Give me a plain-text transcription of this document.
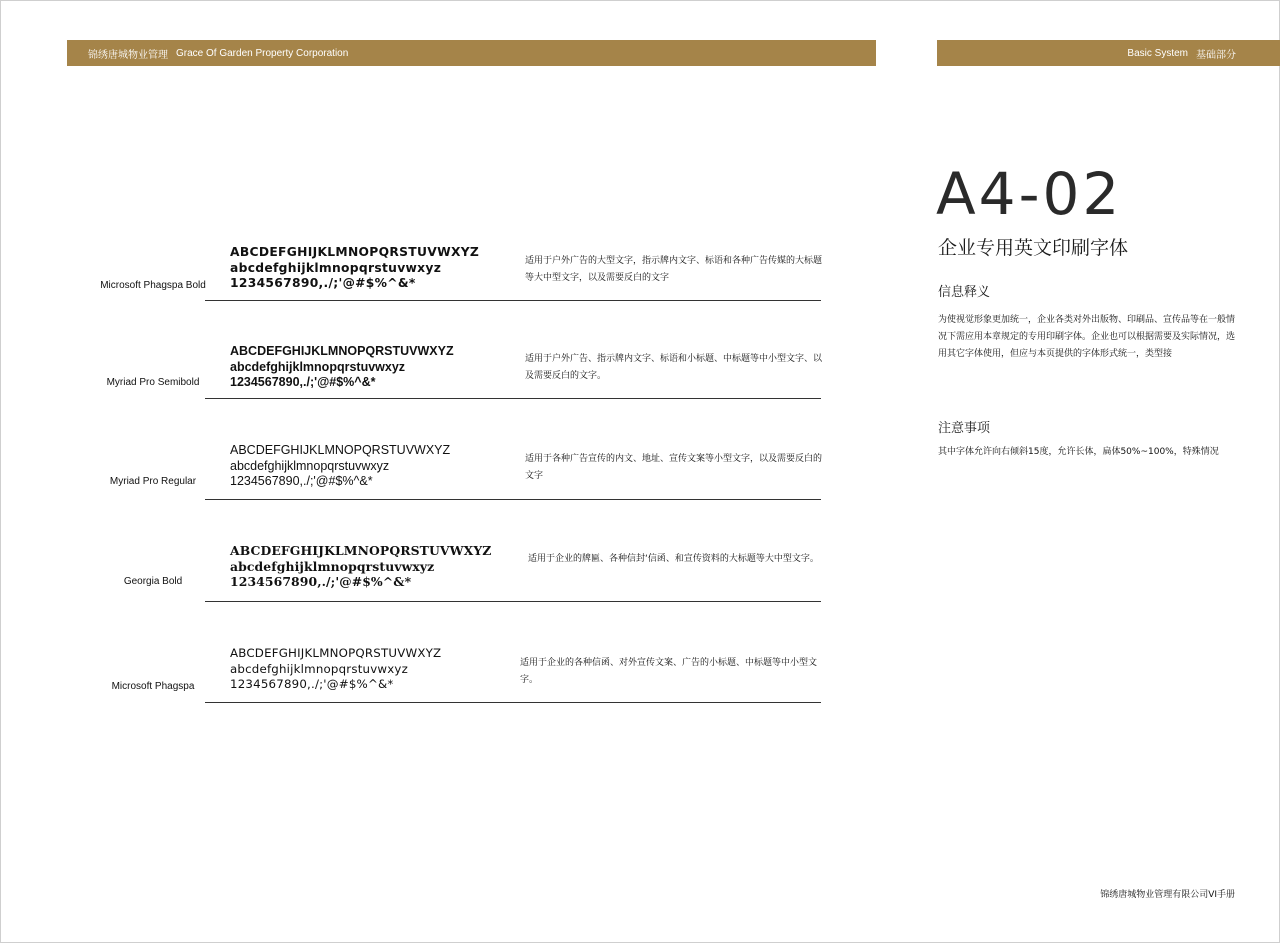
锦绣唐城物业管理 Grace Of Garden Property Corporation	Basic System 基础部分
Microsoft Phagspa Bold
ABCDEFGHIJKLMNOPQRSTUVWXYZ
abcdefghijklmnopqrstuvwxyz
1234567890,./;'@#$%^&*
适用于户外广告的大型文字，指示牌内文字、标语和各种广告传媒的大标题等大中型文字，以及需要反白的文字
Myriad Pro Semibold
ABCDEFGHIJKLMNOPQRSTUVWXYZ
abcdefghijklmnopqrstuvwxyz
1234567890,./;'@#$%^&*
适用于户外广告、指示牌内文字、标语和小标题、中标题等中小型文字、以及需要反白的文字。
Myriad Pro Regular
ABCDEFGHIJKLMNOPQRSTUVWXYZ
abcdefghijklmnopqrstuvwxyz
1234567890,./;'@#$%^&*
适用于各种广告宣传的内文、地址、宣传文案等小型文字，以及需要反白的文字
Georgia Bold
ABCDEFGHIJKLMNOPQRSTUVWXYZ
abcdefghijklmnopqrstuvwxyz
1234567890,./;'@#$%^&*
适用于企业的牌匾、各种信封‘信函、和宣传资料的大标题等大中型文字。
Microsoft Phagspa
ABCDEFGHIJKLMNOPQRSTUVWXYZ
abcdefghijklmnopqrstuvwxyz
1234567890,./;'@#$%^&*
适用于企业的各种信函、对外宣传文案、广告的小标题、中标题等中小型文字。
A4-02
企业专用英文印刷字体
信息释义
为使视觉形象更加统一，企业各类对外出版物、印刷品、宣传品等在一般情况下需应用本章规定的专用印刷字体。企业也可以根据需要及实际情况，选用其它字体使用，但应与本页提供的字体形式统一，类型接
注意事项
其中字体允许向右倾斜15度，允许长体，扁体50%~100%，特殊情况
锦绣唐城物业管理有限公司VI手册
